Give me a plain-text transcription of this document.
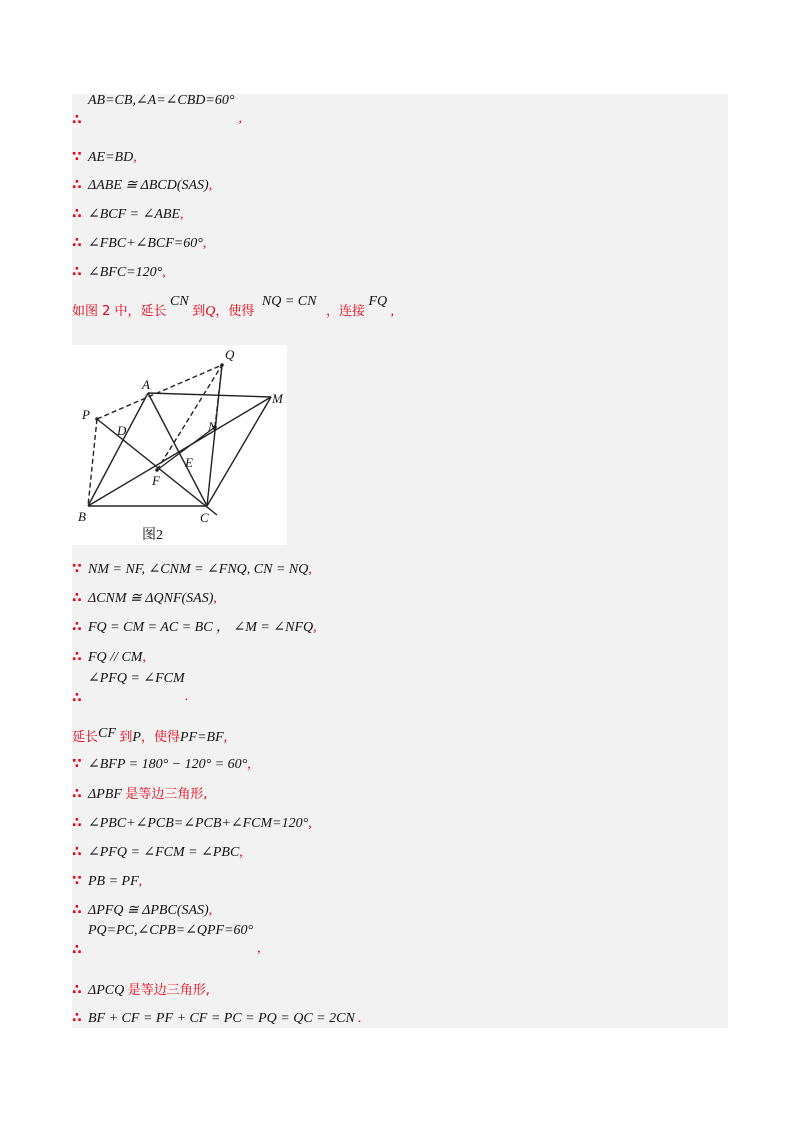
∴AB=CB,∠A=∠CBD=60°,
∵ AE=BD,
∴ ΔABE ≅ ΔBCD(SAS),
∴ ∠BCF = ∠ABE,
∴ ∠FBC+∠BCF=60°,
∴ ∠BFC=120°,
如图 2 中，延长 CN 到Q，使得 NQ = CN ，连接 FQ ,
Q
A
M
P
D	N
E
F
B	C
图2
∵ NM = NF, ∠CNM = ∠FNQ, CN = NQ,
∴ ΔCNM ≅ ΔQNF(SAS),
∴ FQ = CM = AC = BC ， ∠M = ∠NFQ,
∴ FQ // CM,
∴∠PFQ = ∠FCM.
延长CF 到P，使得PF=BF,
∵ ∠BFP = 180° − 120° = 60°,
∴ ΔPBF 是等边三角形,
∴ ∠PBC+∠PCB=∠PCB+∠FCM=120°,
∴ ∠PFQ = ∠FCM = ∠PBC,
∵ PB = PF,
∴ ΔPFQ ≅ ΔPBC(SAS),
∴PQ=PC,∠CPB=∠QPF=60°,
∴ ΔPCQ 是等边三角形,
∴ BF + CF = PF + CF = PC = PQ = QC = 2CN .
